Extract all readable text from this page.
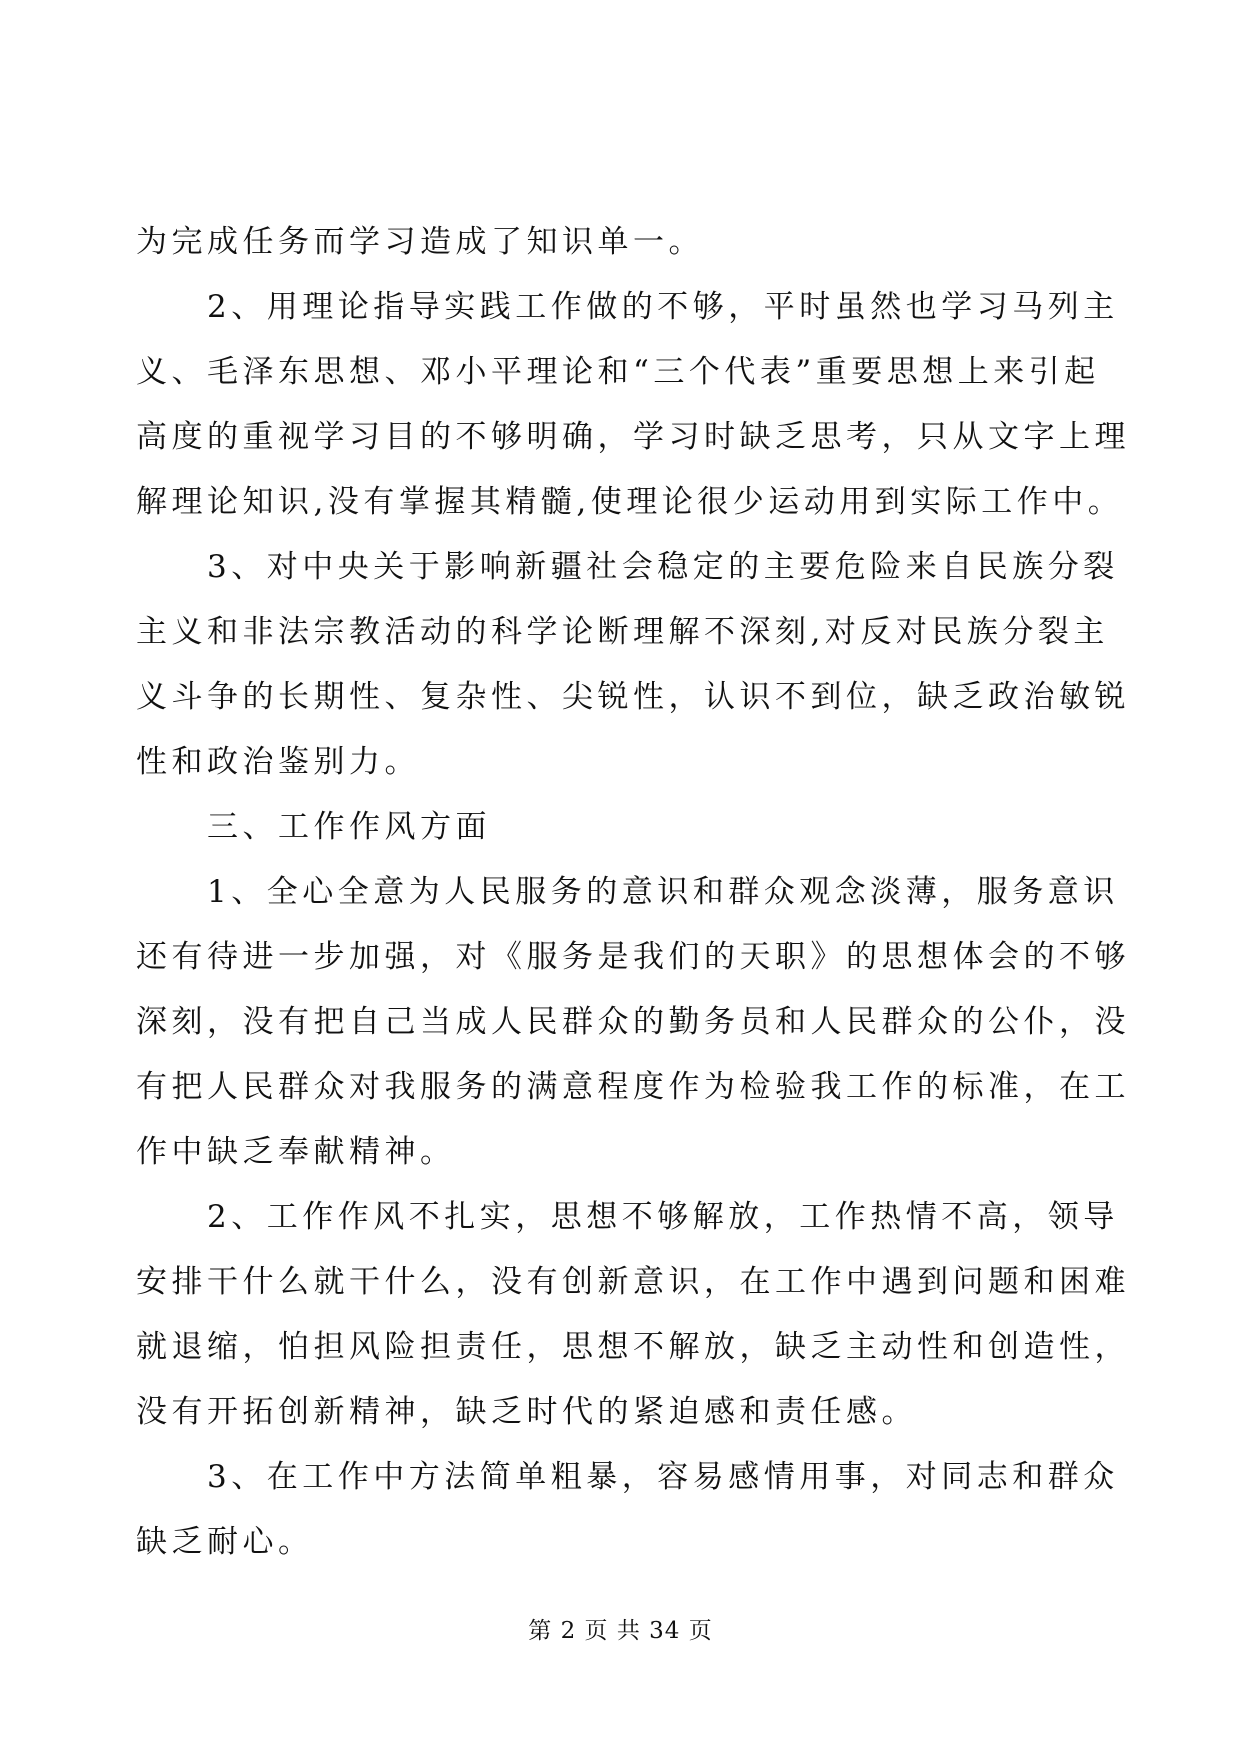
为完成任务而学习造成了知识单一。
　　2、用理论指导实践工作做的不够，平时虽然也学习马列主
义、毛泽东思想、邓小平理论和“三个代表”重要思想上来引起
高度的重视学习目的不够明确，学习时缺乏思考，只从文字上理
解理论知识,没有掌握其精髓,使理论很少运动用到实际工作中。
　　3、对中央关于影响新疆社会稳定的主要危险来自民族分裂
主义和非法宗教活动的科学论断理解不深刻,对反对民族分裂主
义斗争的长期性、复杂性、尖锐性，认识不到位，缺乏政治敏锐
性和政治鉴别力。
　　三、工作作风方面
　　1、全心全意为人民服务的意识和群众观念淡薄，服务意识
还有待进一步加强，对《服务是我们的天职》的思想体会的不够
深刻，没有把自己当成人民群众的勤务员和人民群众的公仆，没
有把人民群众对我服务的满意程度作为检验我工作的标准，在工
作中缺乏奉献精神。
　　2、工作作风不扎实，思想不够解放，工作热情不高，领导
安排干什么就干什么，没有创新意识，在工作中遇到问题和困难
就退缩，怕担风险担责任，思想不解放，缺乏主动性和创造性，
没有开拓创新精神，缺乏时代的紧迫感和责任感。
　　3、在工作中方法简单粗暴，容易感情用事，对同志和群众
缺乏耐心。
第 2 页 共 34 页
